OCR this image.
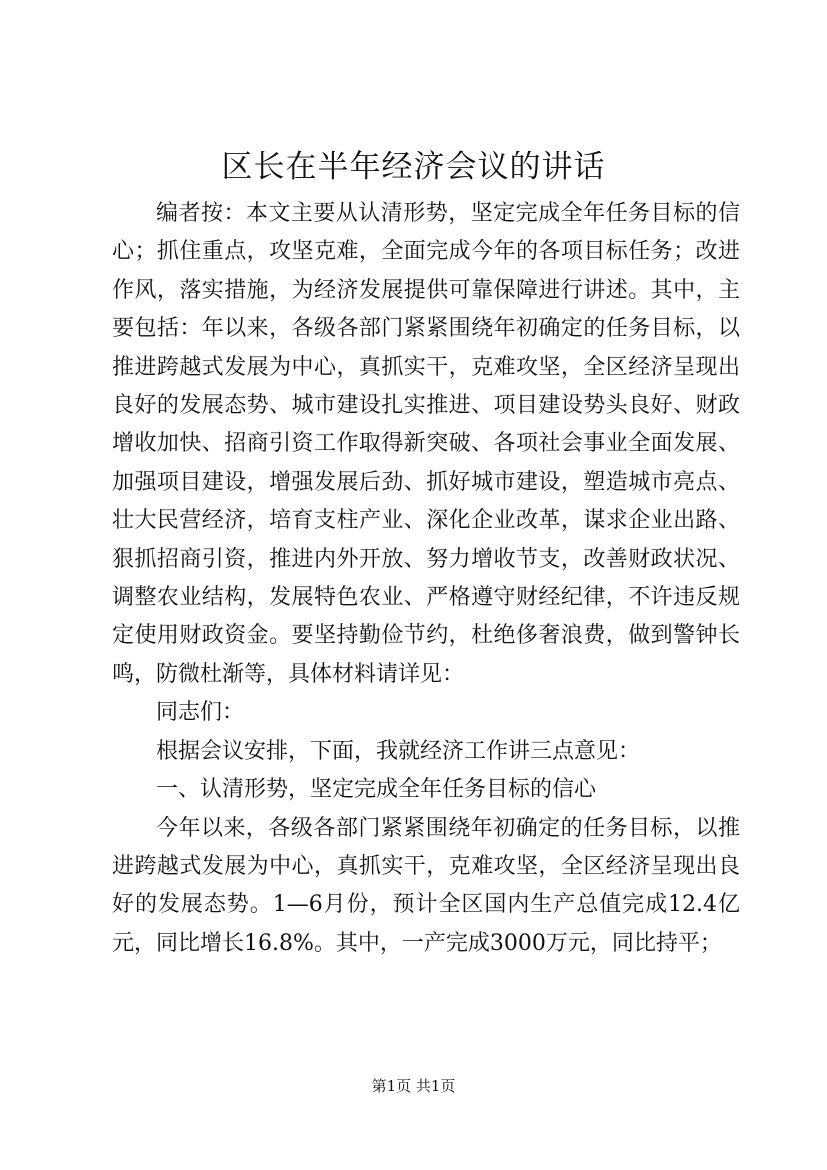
区长在半年经济会议的讲话

编者按：本文主要从认清形势，坚定完成全年任务目标的信心；抓住重点，攻坚克难，全面完成今年的各项目标任务；改进作风，落实措施，为经济发展提供可靠保障进行讲述。其中，主要包括：年以来，各级各部门紧紧围绕年初确定的任务目标，以推进跨越式发展为中心，真抓实干，克难攻坚，全区经济呈现出良好的发展态势、城市建设扎实推进、项目建设势头良好、财政增收加快、招商引资工作取得新突破、各项社会事业全面发展、加强项目建设，增强发展后劲、抓好城市建设，塑造城市亮点、壮大民营经济，培育支柱产业、深化企业改革，谋求企业出路、狠抓招商引资，推进内外开放、努力增收节支，改善财政状况、调整农业结构，发展特色农业、严格遵守财经纪律，不许违反规定使用财政资金。要坚持勤俭节约，杜绝侈奢浪费，做到警钟长鸣，防微杜渐等，具体材料请详见：

同志们：

根据会议安排，下面，我就经济工作讲三点意见：

一、认清形势，坚定完成全年任务目标的信心

今年以来，各级各部门紧紧围绕年初确定的任务目标，以推进跨越式发展为中心，真抓实干，克难攻坚，全区经济呈现出良好的发展态势。1—6月份，预计全区国内生产总值完成12.4亿元，同比增长16.8%。其中，一产完成3000万元，同比持平；

第1页 共1页
